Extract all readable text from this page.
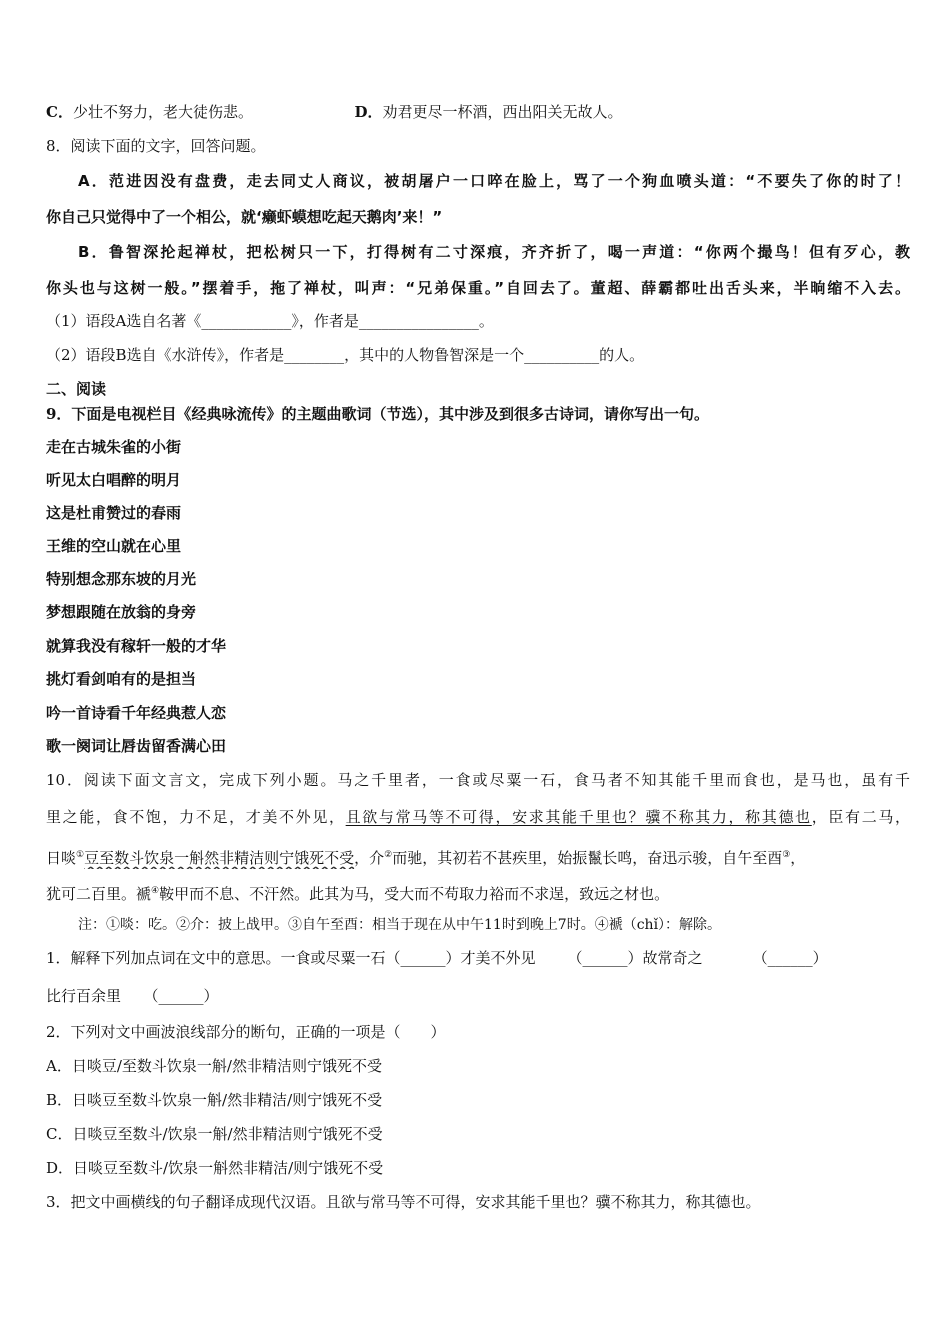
C．少壮不努力，老大徒伤悲。	D．劝君更尽一杯酒，西出阳关无故人。
8．阅读下面的文字，回答问题。
A．范进因没有盘费，走去同丈人商议，被胡屠户一口啐在脸上，骂了一个狗血喷头道：“不要失了你的时了！
你自己只觉得中了一个相公，就‘癞虾蟆想吃起天鹅肉’来！”
B．鲁智深抡起禅杖，把松树只一下，打得树有二寸深痕，齐齐折了，喝一声道：“你两个撮鸟！但有歹心，教
你头也与这树一般。”摆着手，拖了禅杖，叫声：“兄弟保重。”自回去了。董超、薛霸都吐出舌头来，半晌缩不入去。
（1）语段A选自名著《____________》，作者是________________。
（2）语段B选自《水浒传》，作者是________，其中的人物鲁智深是一个__________的人。
二、阅读
9．下面是电视栏目《经典咏流传》的主题曲歌词（节选），其中涉及到很多古诗词，请你写出一句。
走在古城朱雀的小街
听见太白唱醉的明月
这是杜甫赞过的春雨
王维的空山就在心里
特别想念那东坡的月光
梦想跟随在放翁的身旁
就算我没有稼轩一般的才华
挑灯看剑咱有的是担当
吟一首诗看千年经典惹人恋
歌一阕词让唇齿留香满心田
10．阅读下面文言文，完成下列小题。马之千里者，一食或尽粟一石，食马者不知其能千里而食也，是马也，虽有千
里之能，食不饱，力不足，才美不外见，且欲与常马等不可得，安求其能千里也？骥不称其力，称其德也，臣有二马，
日啖①豆至数斗饮泉一斛然非精洁则宁饿死不受，介②而驰，其初若不甚疾里，始振鬣长鸣，奋迅示骏，自午至酉③，
犹可二百里。褫④鞍甲而不息、不汗然。此其为马，受大而不苟取力裕而不求逞，致远之材也。
注：①啖：吃。②介：披上战甲。③自午至酉：相当于现在从中午11时到晚上7时。④褫（chǐ）：解除。
1．解释下列加点词在文中的意思。一食或尽粟一石（______）才美不外见 （______）故常奇之	（______）
比行百余里　　（______）
2．下列对文中画波浪线部分的断句，正确的一项是（　　）
A．日啖豆/至数斗饮泉一斛/然非精洁则宁饿死不受
B．日啖豆至数斗饮泉一斛/然非精洁/则宁饿死不受
C．日啖豆至数斗/饮泉一斛/然非精洁则宁饿死不受
D．日啖豆至数斗/饮泉一斛然非精洁/则宁饿死不受
3．把文中画横线的句子翻译成现代汉语。且欲与常马等不可得，安求其能千里也？骥不称其力，称其德也。
